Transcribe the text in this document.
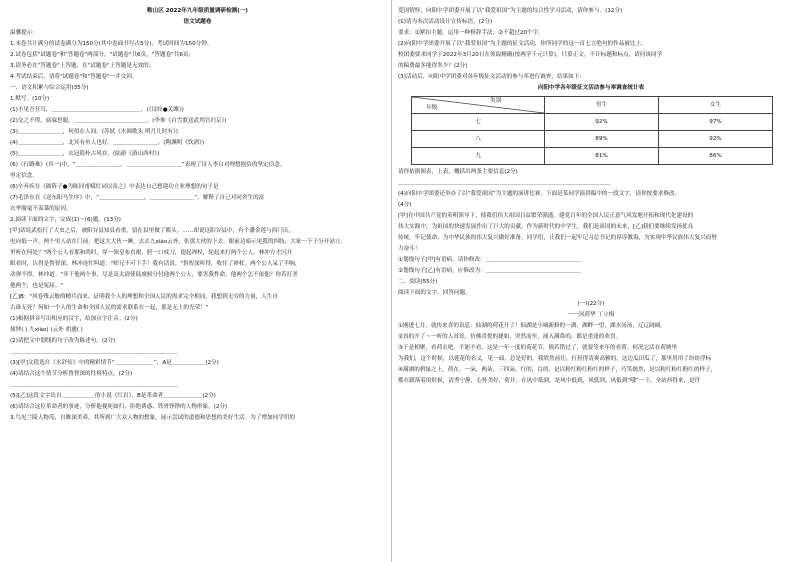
鞍山区 2022年九年级质量调研检测(一)
语文试题卷
温馨提示：
1.本卷共计满分的试卷满分为150分(其中卷面书写占5分)，考试时间为150分钟。
2.试卷包括"试题卷"和"答题卷"两部分，"试题卷"共6页，"答题卷"共6页；
3.请务必在"答题卷"上答题，在"试题卷"上答题是无效的；
4.考试结束后，请将"试题卷"和"答题卷"一并交回。
一、语文积累与综合运用(35分)
1.默写。(10分)
(1)不见吾狂耳，＿＿＿＿＿＿＿＿＿＿＿＿＿＿＿＿。(《诗经●关雎》)
(2)交之不得，寤寐思服。＿＿＿＿＿＿＿＿＿＿＿＿＿。(李参《白雪歌送武判官归京》)
(3)＿＿＿＿＿＿＿＿，何似在人间。(苏轼《水调歌头.明月几时有》)
(4)＿＿＿＿＿＿＿＿，北冥有鱼人也好。＿＿＿＿＿＿＿＿。(陶渊明《饮酒》)
(5)＿＿＿＿＿＿＿＿，衣冠简朴古风存。(陆游《游山西村》)
(6)《行路难》(其一)中，“＿＿＿＿＿＿＿＿，＿＿＿＿＿＿＿＿＿＿”表现了诗人李白对理想抱负的坚定信念。
坚定信念。
(6)辛弃疾在《破阵子●为陈同甫赋壮词以寄之》中表达自己想建功立业理想的句子是
(7)毛泽东在《送东阳马生序》中，“＿＿＿＿＿＿＿＿，＿＿＿＿＿＿＿＿”，解释了自己对同舍生的富
衣华服毫不羡慕的原因。
2.阅读下面的文字，完成(1)～(6)题。(13分)
[甲]话说武松打了大虫之后，被阳谷县知县看重，留在县里做了都头。……却说这阳谷县中，有个潘金莲与西门庆，
电向低一声，两个男人站在门前，把这大大伙一睡，去去九xiào云外，张那大伙的下去，眼前边暗示见我的四肢，大家一下子分开站立。
里听在何处？"两个公人看那和尚时，穿一领皂布直裰，胯一口戒刀，提起禅杖，轮起来打两个公人。林冲方才闪开
眼看时，认得是鲁智深。林冲连忙叫道："师兄不可下手！我有话说。"鲁智深听得，收住了禅杖。两个公人呆了半晌，
动弹不得。林冲道："非干他两个事，尽是高太尉使陆虞候分付他两个公人，要害我性命，他两个怎不依他？你若打杀
他两个，也是冤屈。"
[乙]B："风卷残云般的精兵而来，证明我个人的理想和全国人民的需求完全相同，我想到无穷的力量，人生自
古谁无死？何如一个人的生命和全国人民的需求联系在一起，那是无上的光荣！"
(1)根据拼音写出相应的汉字，给加点字注音。(2分)
撞钟( ) 九xiào( )云外 胡邈( )
(2)请把文中划线的句子改为陈述句。(2分)
＿＿＿＿＿＿＿＿＿＿＿＿＿＿＿＿＿＿＿＿＿＿＿＿＿＿＿＿＿＿
(3)[甲]文段选自《水浒传》中的精彩情节“＿＿＿＿＿＿＿”，A是＿＿＿＿＿＿(2分)
(4)请结合这个情节分析鲁智深的性格特点。(2分)
＿＿＿＿＿＿＿＿＿＿＿＿＿＿＿＿＿＿＿＿＿＿＿＿＿＿＿＿＿＿
(5)[乙]这段文字出自＿＿＿＿＿＿的小说《红岩》，B是革命者＿＿＿＿＿＿＿(2分)
(6)请结合这位革命者的事迹，分析他视死如归、拒绝诱惑、铁骨铮铮的人物形象。(2分)
3.鸟见兰陵人物茂，自睢深美养，其所到广大众人物的想象，展示尝试的道德和思想的美好生活。为了增加同学们的
爱国情怀，向阳中学团委开展了以“我爱祖国”为主题的综合性学习活动，请你参与。(12分)
(1)请为本次活动设计宣传标语。(2分)
要求：①紧扣主题，运用一种修辞手法；②不超过20个字。
(2)向阳中学团委开展了以“我爱祖国”为主题的征文活动，你所同学的这一首七言绝句的作品被比上，
校团委要求同学于2022年3月20日在领取精确(按两学千元计算)，只算正文，不计标题和标点，请问该同学
的稿费最多能得多少？(2分)
(3)活动后，向阳中学团委对各年级征文活动的参与率进行调查，结果如下：
向阳中学各年级征文活动参与率调查统计表
类别
年级	男生	女生
七	92%	97%
八	89%	92%
九	81%	86%
请你依据图表，上表，概括出两条主要信息(2分)
＿＿＿＿＿＿＿＿＿＿＿＿＿＿＿＿＿＿＿＿＿＿＿＿＿＿＿＿＿＿＿＿＿＿＿＿＿＿
(4)向阳中学团委还举办了以“我爱祖国”为主题的演讲比赛，下面是某同学演讲稿中的一段文字，请你按要求修改。
(4分)
[甲]在中国共产党的英明领导下，使我们伟大祖国日益繁荣强盛。建党百年的全国人民正意气风发地开拓和现代化建设的
伟大实践中，为祖国的快速发展作出了巨大的贡献。作为新时代的中学生，我们是祖国的未来，[乙]我们要继续发扬优良
传统，牢记使命，为中华民族的伟大复兴做好准备。同学们，让我们一起牢记习总书记的谆谆教诲，为实现中华民族伟大复兴而努
力奋斗！
①划线句子[甲]有语病，请你修改：＿＿＿＿＿＿＿＿＿＿＿＿＿＿＿＿＿
②划线句子[乙]有语病，应修改为：＿＿＿＿＿＿＿＿＿＿＿＿＿＿＿＿＿
二、阅读(55分)
阅读下面的文字，回答问题。
(一)(22分)
一一风荷华 丁立梅
①刚进七月，就传来喜的讯息：仙湖的荷花开了！仙湖是小城新修的一湖，湖畔一望，湖水汤汤，辽辽阔阔。
②真的开了～一听的人耸耸，仿佛喜悦的捷如，突然而至，涌入满鼻的，都是重逢的欢喜。
③于是相聚，看荷去吧。不能不看，这是一年一度的荷花节，倘若错过了，就要等来年的看荷。何况它活在荷塘里
为我们，这个时候，以莲花的名义，见一面，总是好的。我欣然前往，打扮得清爽高雅的。这边瓜田瓜了，那里用用了纷纷浮标
④满湖的碧绿之上，荷在，一朵，两朵，三四朵，红的，白的，是以粉红粉红粉红的样子，巧笑嫣然，是以粉红粉红粉红的样子，
都在跟落着的时候，清秀宁静，心怀美好，荷开，在风中低到，是风中低到，风低到，风低到“哦”一下，全站抖得来，是许
